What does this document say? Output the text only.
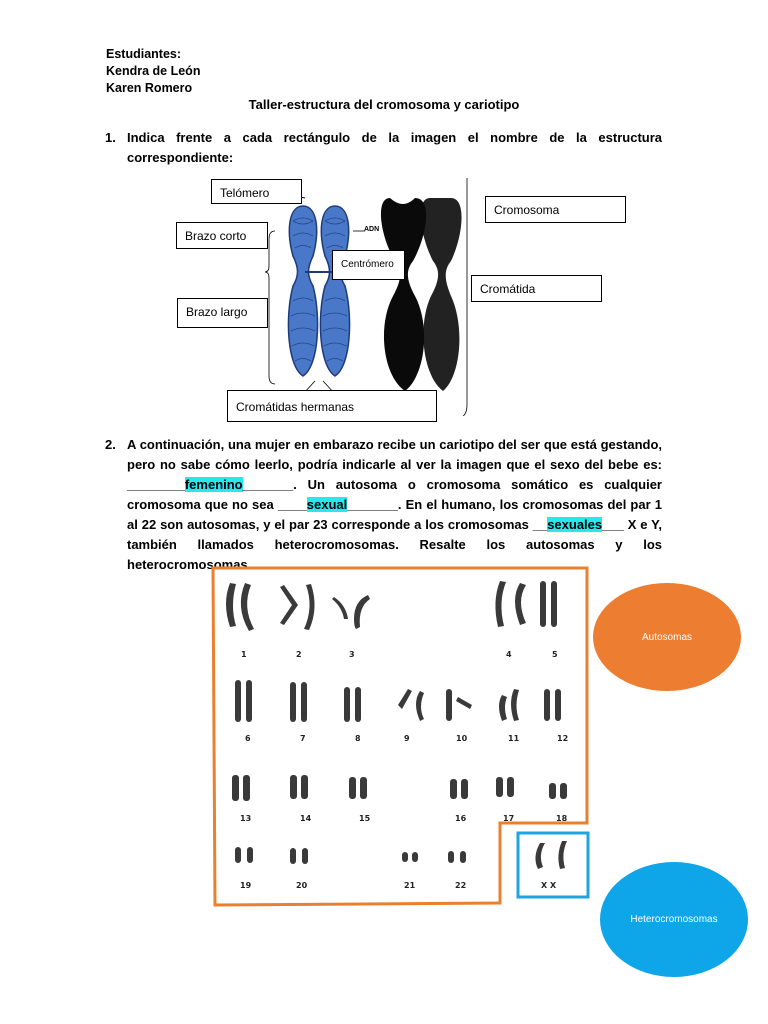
Estudiantes:
Kendra de León
Karen Romero
Taller-estructura del cromosoma y cariotipo
1. Indica frente a cada rectángulo de la imagen el nombre de la estructura correspondiente:
Telómero
Brazo corto
Brazo largo
ADN
Centrómero
Cromosoma
Cromátida
Cromátidas hermanas
2. A continuación, una mujer en embarazo recibe un cariotipo del ser que está gestando, pero no sabe cómo leerlo, podría indicarle al ver la imagen que el sexo del bebe es: ________femenino_______. Un autosoma o cromosoma somático es cualquier cromosoma que no sea ____sexual_______. En el humano, los cromosomas del par 1 al 22 son autosomas, y el par 23 corresponde a los cromosomas __sexuales___ X e Y, también llamados heterocromosomas. Resalte los autosomas y los heterocromosomas.
1	2	3	4	5
6	7	8	9	10	11	12
13	14	15	16	17	18
19	20	21	22	X X
Autosomas
Heterocromosomas
